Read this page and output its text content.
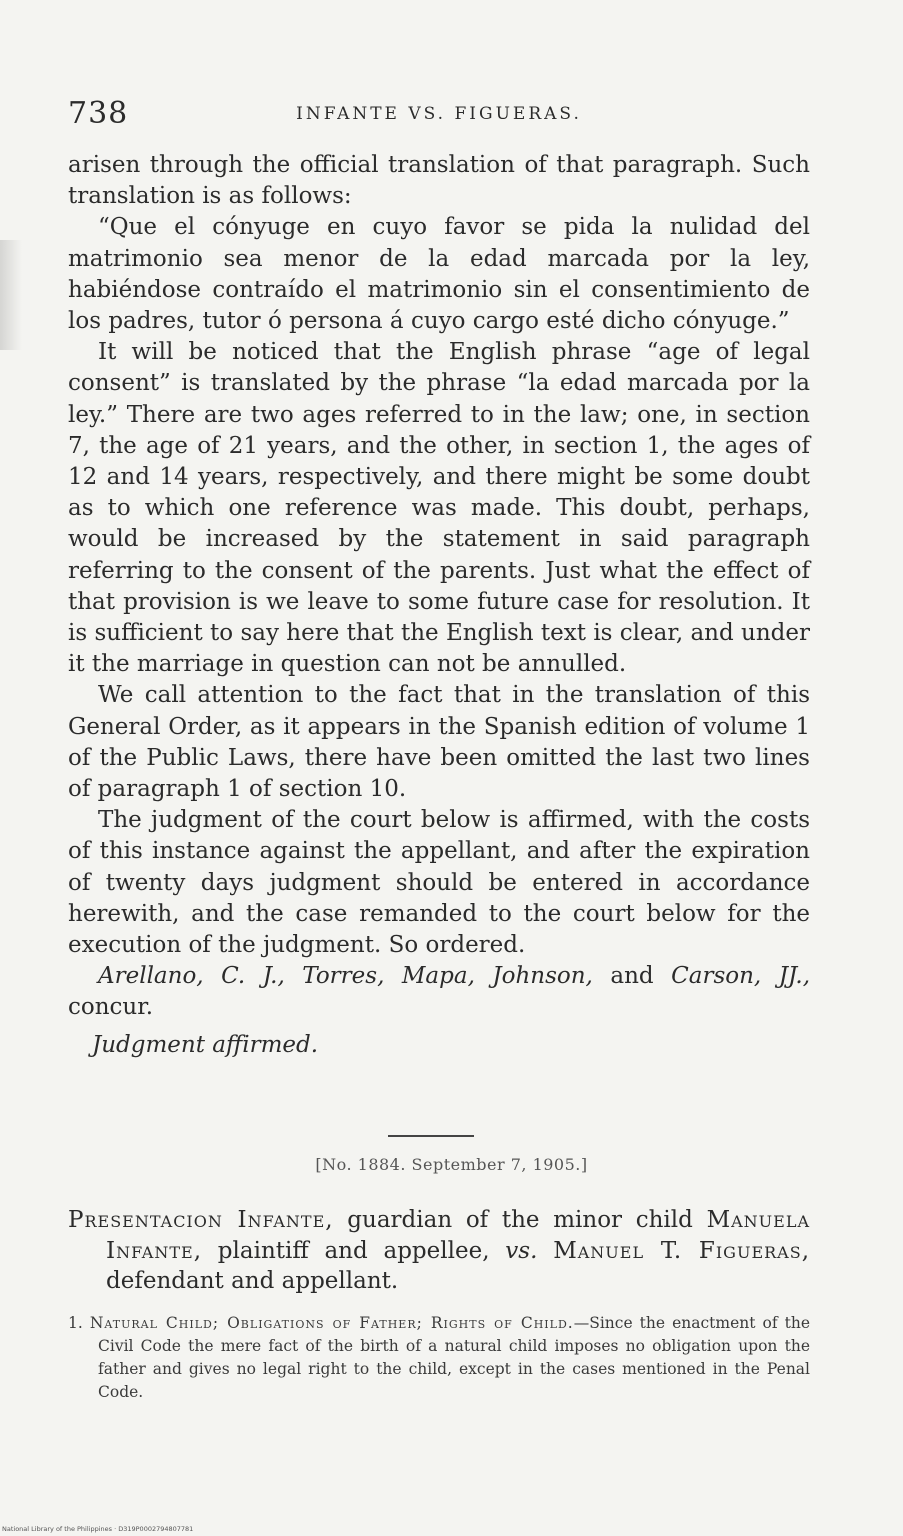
738	INFANTE VS. FIGUERAS.

arisen through the official translation of that paragraph. Such translation is as follows:

“Que el cónyuge en cuyo favor se pida la nulidad del matrimonio sea menor de la edad marcada por la ley, habiéndose contraído el matrimonio sin el consentimiento de los padres, tutor ó persona á cuyo cargo esté dicho cónyuge.”

It will be noticed that the English phrase “age of legal consent” is translated by the phrase “la edad marcada por la ley.” There are two ages referred to in the law; one, in section 7, the age of 21 years, and the other, in section 1, the ages of 12 and 14 years, respectively, and there might be some doubt as to which one reference was made. This doubt, perhaps, would be increased by the statement in said paragraph referring to the consent of the parents. Just what the effect of that provision is we leave to some future case for resolution. It is sufficient to say here that the English text is clear, and under it the marriage in question can not be annulled.

We call attention to the fact that in the translation of this General Order, as it appears in the Spanish edition of volume 1 of the Public Laws, there have been omitted the last two lines of paragraph 1 of section 10.

The judgment of the court below is affirmed, with the costs of this instance against the appellant, and after the expiration of twenty days judgment should be entered in accordance herewith, and the case remanded to the court below for the execution of the judgment. So ordered.

Arellano, C. J., Torres, Mapa, Johnson, and Carson, JJ., concur.

Judgment affirmed.

[No. 1884. September 7, 1905.]

Presentacion Infante, guardian of the minor child Manuela Infante, plaintiff and appellee, vs. Manuel T. Figueras, defendant and appellant.

1. Natural Child; Obligations of Father; Rights of Child.—Since the enactment of the Civil Code the mere fact of the birth of a natural child imposes no obligation upon the father and gives no legal right to the child, except in the cases mentioned in the Penal Code.

National Library of the Philippines · D319P0002794807781
